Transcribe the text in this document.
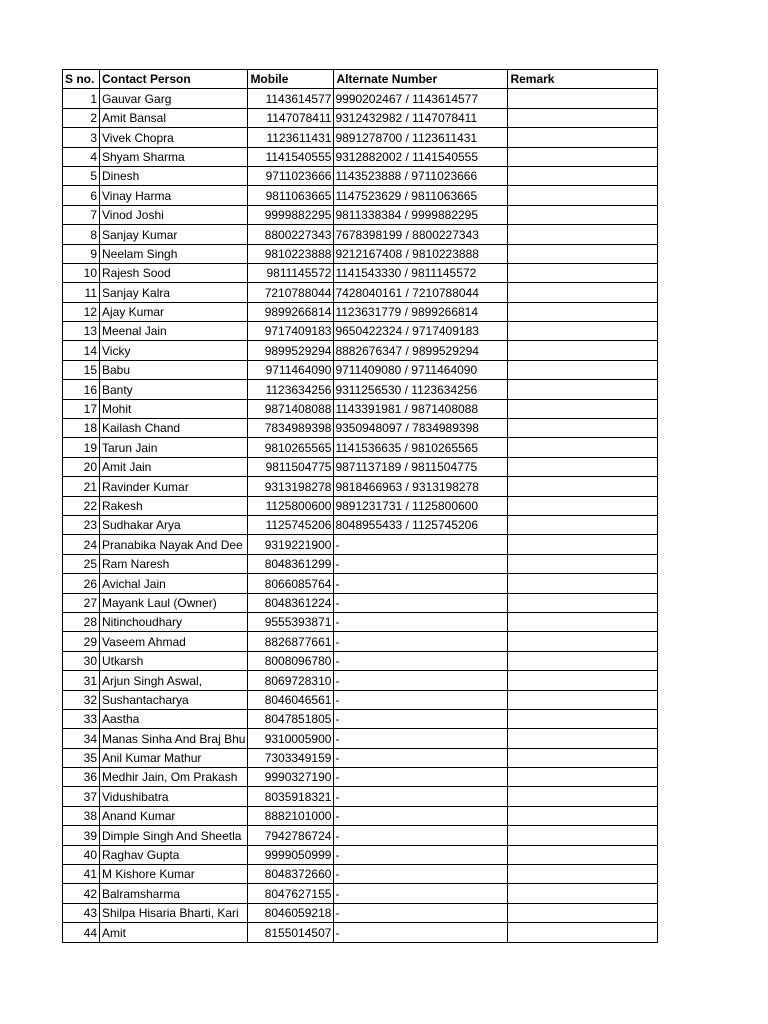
S no.	Contact Person	Mobile	Alternate Number	Remark
1	Gauvar Garg	1143614577	9990202467 / 1143614577	
2	Amit Bansal	1147078411	9312432982 / 1147078411	
3	Vivek Chopra	1123611431	9891278700 / 1123611431	
4	Shyam Sharma	1141540555	9312882002 / 1141540555	
5	Dinesh	9711023666	1143523888 / 9711023666	
6	Vinay Harma	9811063665	1147523629 / 9811063665	
7	Vinod Joshi	9999882295	9811338384 / 9999882295	
8	Sanjay Kumar	8800227343	7678398199 / 8800227343	
9	Neelam Singh	9810223888	9212167408 / 9810223888	
10	Rajesh Sood	9811145572	1141543330 / 9811145572	
11	Sanjay Kalra	7210788044	7428040161 / 7210788044	
12	Ajay Kumar	9899266814	1123631779 / 9899266814	
13	Meenal Jain	9717409183	9650422324 / 9717409183	
14	Vicky	9899529294	8882676347 / 9899529294	
15	Babu	9711464090	9711409080 / 9711464090	
16	Banty	1123634256	9311256530 / 1123634256	
17	Mohit	9871408088	1143391981 / 9871408088	
18	Kailash Chand	7834989398	9350948097 / 7834989398	
19	Tarun Jain	9810265565	1141536635 / 9810265565	
20	Amit Jain	9811504775	9871137189 / 9811504775	
21	Ravinder Kumar	9313198278	9818466963 / 9313198278	
22	Rakesh	1125800600	9891231731 / 1125800600	
23	Sudhakar Arya	1125745206	8048955433 / 1125745206	
24	Pranabika Nayak And Dee	9319221900	-	
25	Ram Naresh	8048361299	-	
26	Avichal Jain	8066085764	-	
27	Mayank Laul (Owner)	8048361224	-	
28	Nitinchoudhary	9555393871	-	
29	Vaseem Ahmad	8826877661	-	
30	Utkarsh	8008096780	-	
31	Arjun Singh Aswal,	8069728310	-	
32	Sushantacharya	8046046561	-	
33	Aastha	8047851805	-	
34	Manas Sinha And Braj Bhu	9310005900	-	
35	Anil Kumar Mathur	7303349159	-	
36	Medhir Jain, Om Prakash	9990327190	-	
37	Vidushibatra	8035918321	-	
38	Anand Kumar	8882101000	-	
39	Dimple Singh And Sheetla	7942786724	-	
40	Raghav Gupta	9999050999	-	
41	M Kishore Kumar	8048372660	-	
42	Balramsharma	8047627155	-	
43	Shilpa Hisaria Bharti, Kari	8046059218	-	
44	Amit	8155014507	-	
